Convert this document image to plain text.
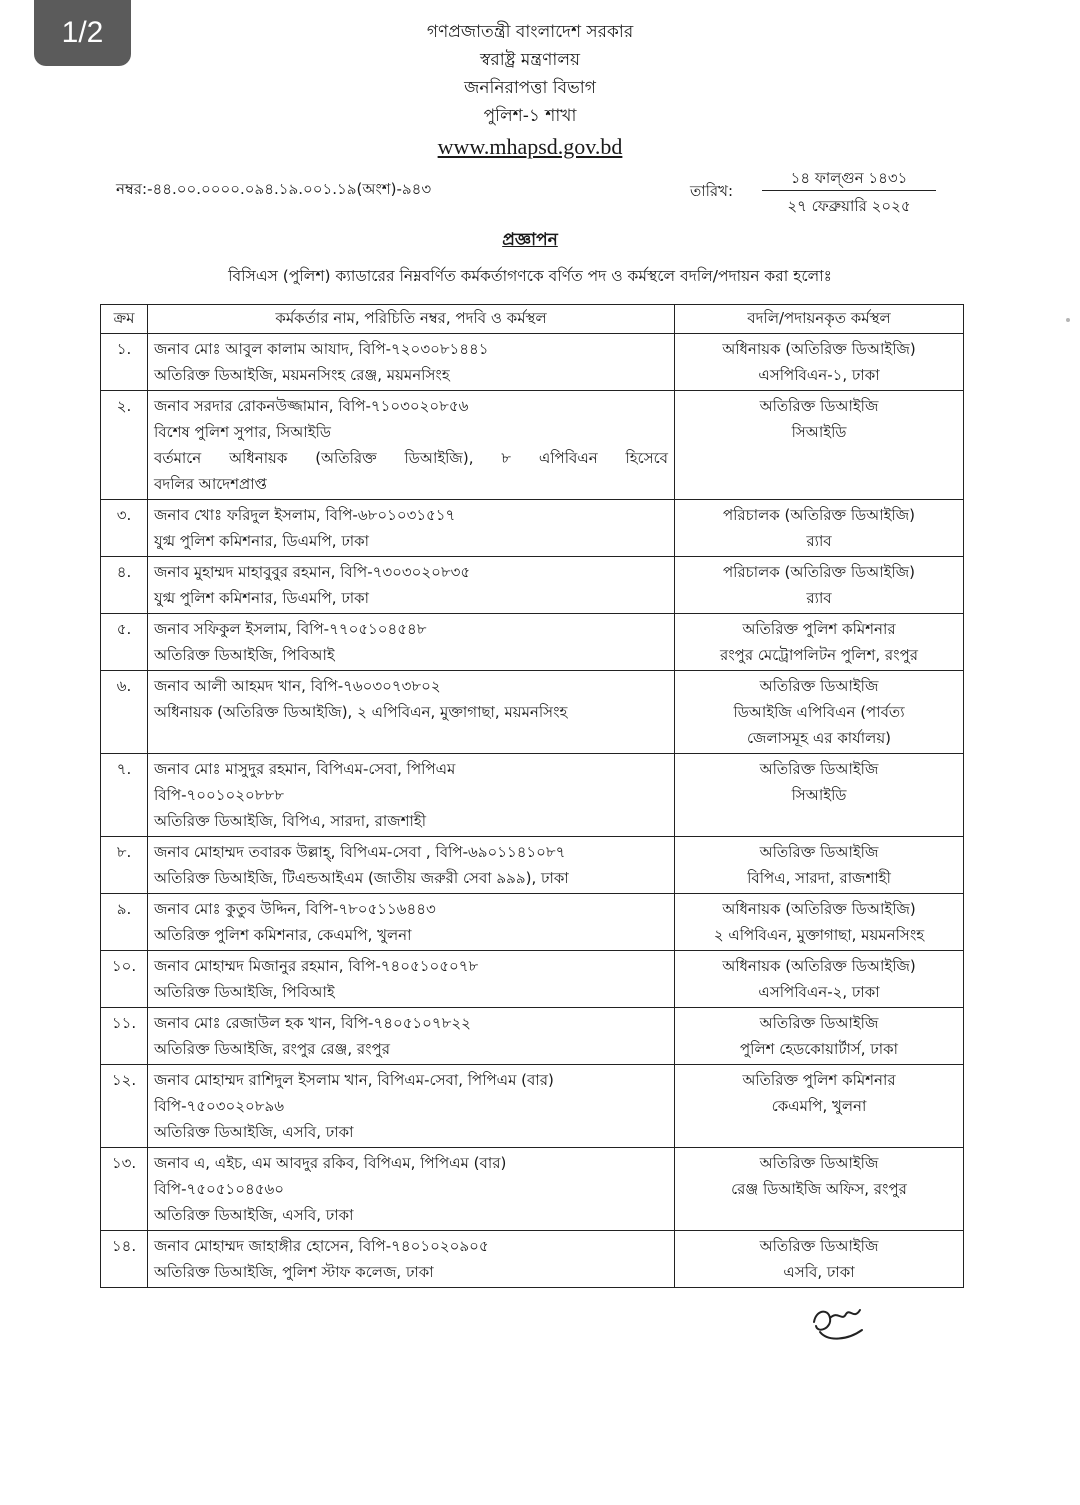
1/2	গণপ্রজাতন্ত্রী বাংলাদেশ সরকার
স্বরাষ্ট্র মন্ত্রণালয়
জননিরাপত্তা বিভাগ
পুলিশ-১ শাখা
www.mhapsd.gov.bd
নম্বর:-৪৪.০০.০০০০.০৯৪.১৯.০০১.১৯(অংশ)-৯৪৩	তারিখ:
১৪ ফাল্গুন ১৪৩১
২৭ ফেব্রুয়ারি ২০২৫
প্রজ্ঞাপন
বিসিএস (পুলিশ) ক্যাডারের নিম্নবর্ণিত কর্মকর্তাগণকে বর্ণিত পদ ও কর্মস্থলে বদলি/পদায়ন করা হলোঃ
ক্রম	কর্মকর্তার নাম, পরিচিতি নম্বর, পদবি ও কর্মস্থল	বদলি/পদায়নকৃত কর্মস্থল
১.	জনাব মোঃ আবুল কালাম আযাদ, বিপি-৭২০৩০৮১৪৪১
অতিরিক্ত ডিআইজি, ময়মনসিংহ রেঞ্জ, ময়মনসিংহ	অধিনায়ক (অতিরিক্ত ডিআইজি)
এসপিবিএন-১, ঢাকা

২.	জনাব সরদার রোকনউজ্জামান, বিপি-৭১০৩০২০৮৫৬
বিশেষ পুলিশ সুপার, সিআইডি
বর্তমানে অধিনায়ক (অতিরিক্ত ডিআইজি), ৮ এপিবিএন হিসেবে
বদলির আদেশপ্রাপ্ত	অতিরিক্ত ডিআইজি
সিআইডি

৩.	জনাব খোঃ ফরিদুল ইসলাম, বিপি-৬৮০১০৩১৫১৭
যুগ্ম পুলিশ কমিশনার, ডিএমপি, ঢাকা	পরিচালক (অতিরিক্ত ডিআইজি)
র‍্যাব

৪.	জনাব মুহাম্মদ মাহাবুবুর রহমান, বিপি-৭৩০৩০২০৮৩৫
যুগ্ম পুলিশ কমিশনার, ডিএমপি, ঢাকা	পরিচালক (অতিরিক্ত ডিআইজি)
র‍্যাব

৫.	জনাব সফিকুল ইসলাম, বিপি-৭৭০৫১০৪৫৪৮
অতিরিক্ত ডিআইজি, পিবিআই	অতিরিক্ত পুলিশ কমিশনার
রংপুর মেট্রোপলিটন পুলিশ, রংপুর

৬.	জনাব আলী আহমদ খান, বিপি-৭৬০৩০৭৩৮০২
অধিনায়ক (অতিরিক্ত ডিআইজি), ২ এপিবিএন, মুক্তাগাছা, ময়মনসিংহ	অতিরিক্ত ডিআইজি
ডিআইজি এপিবিএন (পার্বত্য
জেলাসমূহ এর কার্যালয়)

৭.	জনাব মোঃ মাসুদুর রহমান, বিপিএম-সেবা, পিপিএম
বিপি-৭০০১০২০৮৮৮
অতিরিক্ত ডিআইজি, বিপিএ, সারদা, রাজশাহী	অতিরিক্ত ডিআইজি
সিআইডি

৮.	জনাব মোহাম্মদ তবারক উল্লাহ্‌, বিপিএম-সেবা , বিপি-৬৯০১১৪১০৮৭
অতিরিক্ত ডিআইজি, টিএন্ডআইএম (জাতীয় জরুরী সেবা ৯৯৯), ঢাকা	অতিরিক্ত ডিআইজি
বিপিএ, সারদা, রাজশাহী

৯.	জনাব মোঃ কুতুব উদ্দিন, বিপি-৭৮০৫১১৬৪৪৩
অতিরিক্ত পুলিশ কমিশনার, কেএমপি, খুলনা	অধিনায়ক (অতিরিক্ত ডিআইজি)
২ এপিবিএন, মুক্তাগাছা, ময়মনসিংহ

১০.	জনাব মোহাম্মদ মিজানুর রহমান, বিপি-৭৪০৫১০৫০৭৮
অতিরিক্ত ডিআইজি, পিবিআই	অধিনায়ক (অতিরিক্ত ডিআইজি)
এসপিবিএন-২, ঢাকা

১১.	জনাব মোঃ রেজাউল হক খান, বিপি-৭৪০৫১০৭৮২২
অতিরিক্ত ডিআইজি, রংপুর রেঞ্জ, রংপুর	অতিরিক্ত ডিআইজি
পুলিশ হেডকোয়ার্টার্স, ঢাকা

১২.	জনাব মোহাম্মদ রাশিদুল ইসলাম খান, বিপিএম-সেবা, পিপিএম (বার)
বিপি-৭৫০৩০২০৮৯৬
অতিরিক্ত ডিআইজি, এসবি, ঢাকা	অতিরিক্ত পুলিশ কমিশনার
কেএমপি, খুলনা

১৩.	জনাব এ, এইচ, এম আবদুর রকিব, বিপিএম, পিপিএম (বার)
বিপি-৭৫০৫১০৪৫৬০
অতিরিক্ত ডিআইজি, এসবি, ঢাকা	অতিরিক্ত ডিআইজি
রেঞ্জ ডিআইজি অফিস, রংপুর

১৪.	জনাব মোহাম্মদ জাহাঙ্গীর হোসেন, বিপি-৭৪০১০২০৯০৫
অতিরিক্ত ডিআইজি, পুলিশ স্টাফ কলেজ, ঢাকা	অতিরিক্ত ডিআইজি
এসবি, ঢাকা
